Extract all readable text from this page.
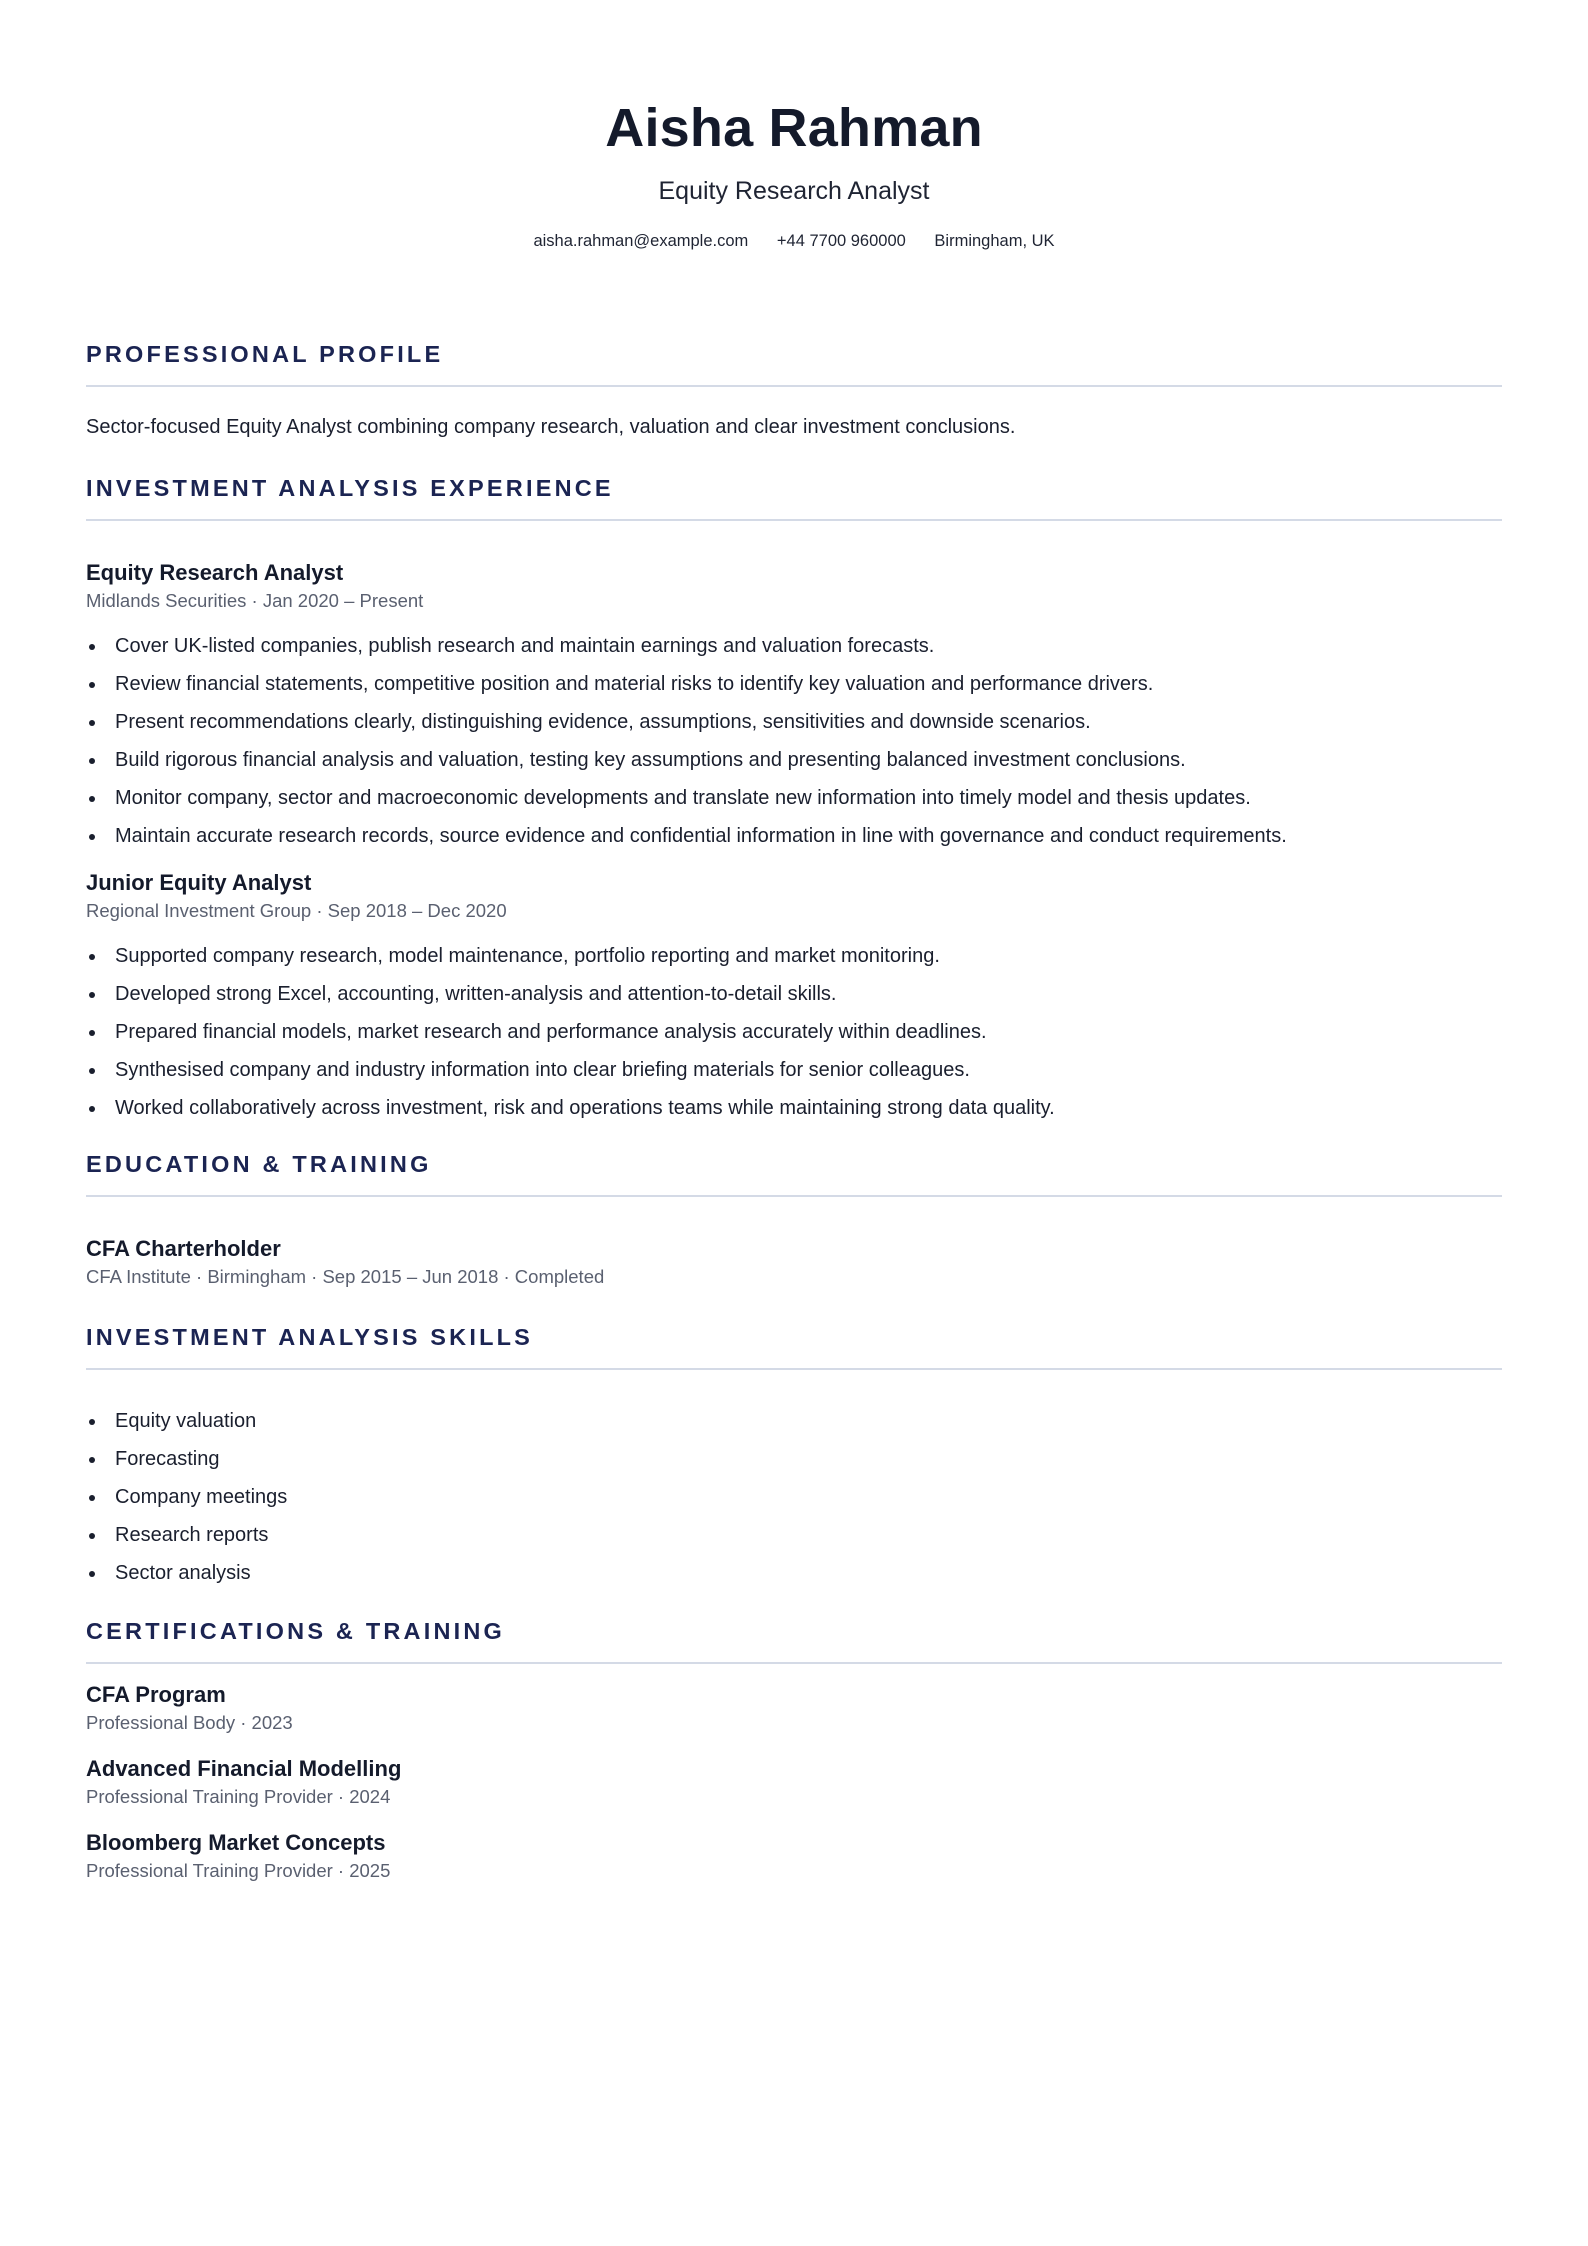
Aisha Rahman
Equity Research Analyst
aisha.rahman@example.com +44 7700 960000 Birmingham, UK
PROFESSIONAL PROFILE
Sector-focused Equity Analyst combining company research, valuation and clear investment conclusions.
INVESTMENT ANALYSIS EXPERIENCE
Equity Research Analyst
Midlands Securities · Jan 2020 – Present
Cover UK-listed companies, publish research and maintain earnings and valuation forecasts.
Review financial statements, competitive position and material risks to identify key valuation and performance drivers.
Present recommendations clearly, distinguishing evidence, assumptions, sensitivities and downside scenarios.
Build rigorous financial analysis and valuation, testing key assumptions and presenting balanced investment conclusions.
Monitor company, sector and macroeconomic developments and translate new information into timely model and thesis updates.
Maintain accurate research records, source evidence and confidential information in line with governance and conduct requirements.
Junior Equity Analyst
Regional Investment Group · Sep 2018 – Dec 2020
Supported company research, model maintenance, portfolio reporting and market monitoring.
Developed strong Excel, accounting, written-analysis and attention-to-detail skills.
Prepared financial models, market research and performance analysis accurately within deadlines.
Synthesised company and industry information into clear briefing materials for senior colleagues.
Worked collaboratively across investment, risk and operations teams while maintaining strong data quality.
EDUCATION & TRAINING
CFA Charterholder
CFA Institute · Birmingham · Sep 2015 – Jun 2018 · Completed
INVESTMENT ANALYSIS SKILLS
Equity valuation
Forecasting
Company meetings
Research reports
Sector analysis
CERTIFICATIONS & TRAINING
CFA Program
Professional Body · 2023
Advanced Financial Modelling
Professional Training Provider · 2024
Bloomberg Market Concepts
Professional Training Provider · 2025
